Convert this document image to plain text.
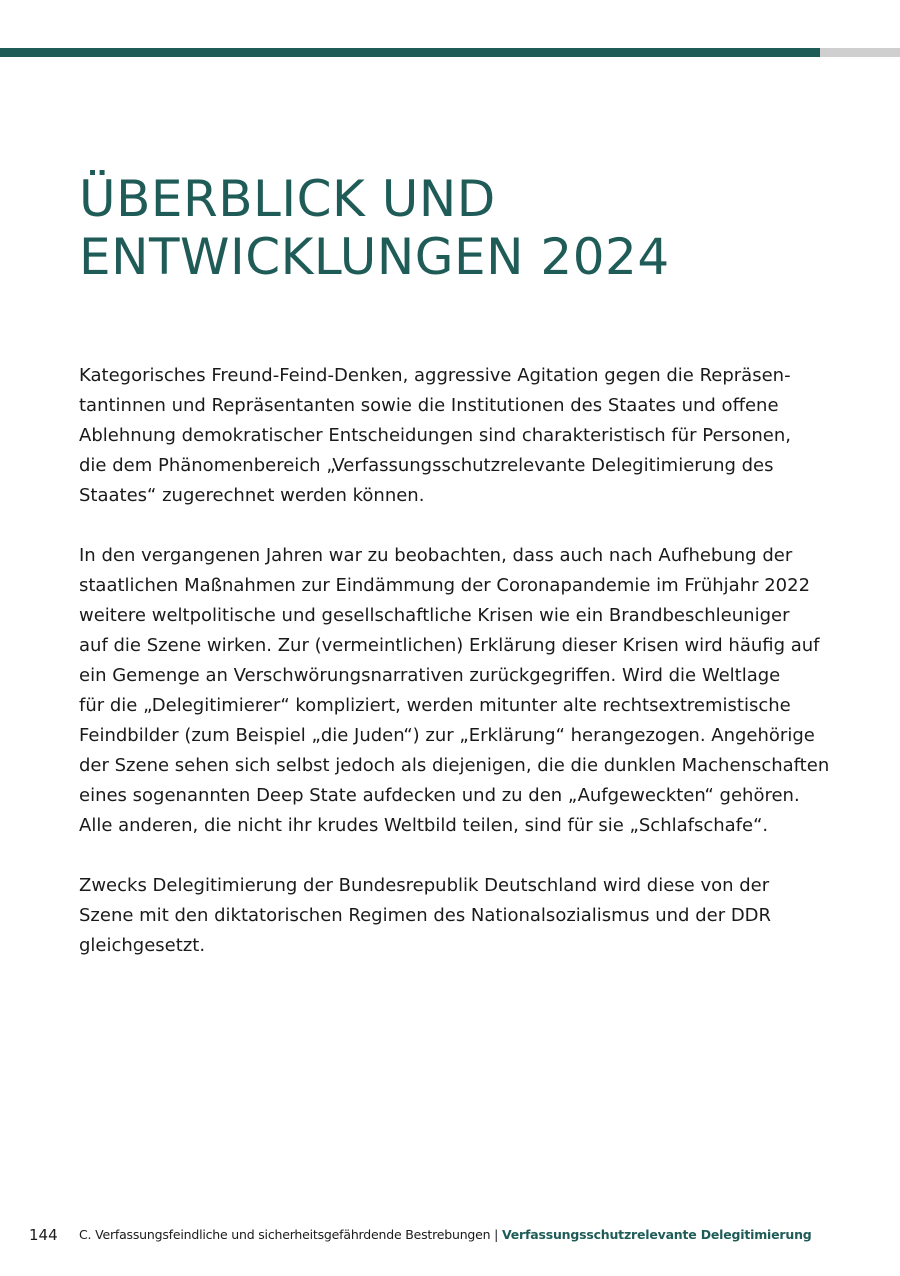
ÜBERBLICK UND
ENTWICKLUNGEN 2024

Kategorisches Freund-Feind-Denken, aggressive Agitation gegen die Repräsen-
tantinnen und Repräsentanten sowie die Institutionen des Staates und offene
Ablehnung demokratischer Entscheidungen sind charakteristisch für Personen,
die dem Phänomenbereich „Verfassungsschutzrelevante Delegitimierung des
Staates“ zugerechnet werden können.

In den vergangenen Jahren war zu beobachten, dass auch nach Aufhebung der
staatlichen Maßnahmen zur Eindämmung der Coronapandemie im Frühjahr 2022
weitere weltpolitische und gesellschaftliche Krisen wie ein Brandbeschleuniger
auf die Szene wirken. Zur (vermeintlichen) Erklärung dieser Krisen wird häufig auf
ein Gemenge an Verschwörungsnarrativen zurückgegriffen. Wird die Weltlage
für die „Delegitimierer“ kompliziert, werden mitunter alte rechtsextremistische
Feindbilder (zum Beispiel „die Juden“) zur „Erklärung“ herangezogen. Angehörige
der Szene sehen sich selbst jedoch als diejenigen, die die dunklen Machenschaften
eines sogenannten Deep State aufdecken und zu den „Aufgeweckten“ gehören.
Alle anderen, die nicht ihr krudes Weltbild teilen, sind für sie „Schlafschafe“.

Zwecks Delegitimierung der Bundesrepublik Deutschland wird diese von der
Szene mit den diktatorischen Regimen des Nationalsozialismus und der DDR
gleichgesetzt.

144 C. Verfassungsfeindliche und sicherheitsgefährdende Bestrebungen | Verfassungsschutzrelevante Delegitimierung
